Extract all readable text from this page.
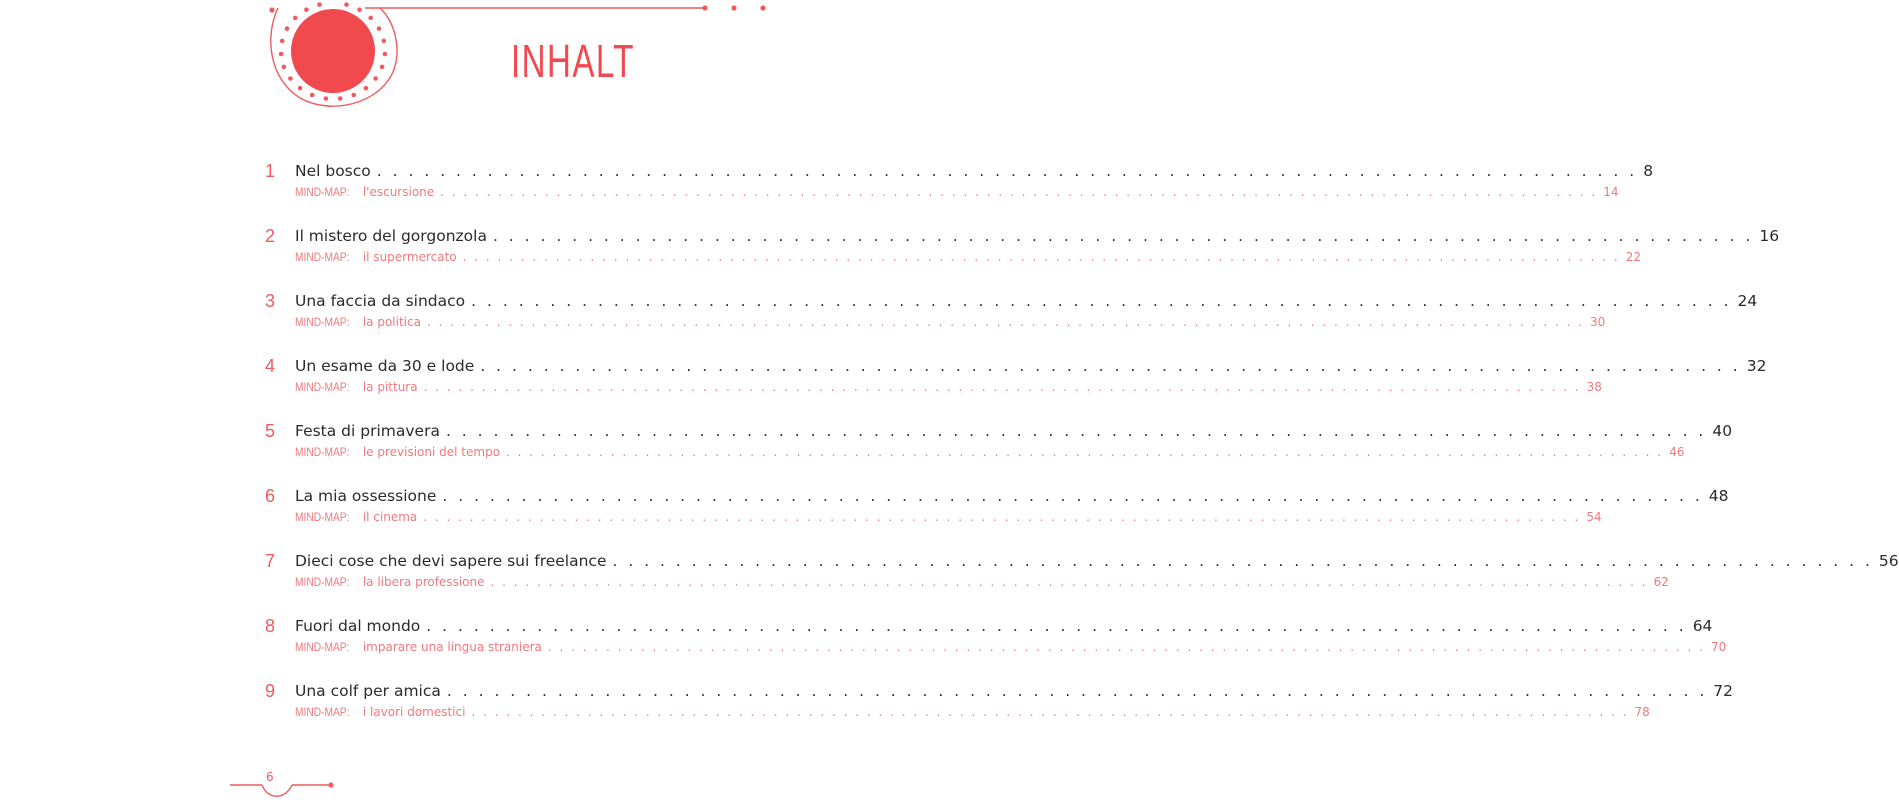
INHALT
1	Nel bosco . . . . . . . . . . . . . . . . . . . . . . . . . . . . . . . . . . . . . . . . . . . . . . . . . . . . . . . . . . . . . . . . . . . . . . . . . . . . . . . . 8
MIND-MAP: l'escursione . . . . . . . . . . . . . . . . . . . . . . . . . . . . . . . . . . . . . . . . . . . . . . . . . . . . . . . . . . . . . . . . . . . . . . . . . . . . . . . . . . . . . . . . . . . . . . . . . . . . 14
2	Il mistero del gorgonzola . . . . . . . . . . . . . . . . . . . . . . . . . . . . . . . . . . . . . . . . . . . . . . . . . . . . . . . . . . . . . . . . . . . . . . . . . . . . . . . . 16
MIND-MAP: il supermercato . . . . . . . . . . . . . . . . . . . . . . . . . . . . . . . . . . . . . . . . . . . . . . . . . . . . . . . . . . . . . . . . . . . . . . . . . . . . . . . . . . . . . . . . . . . . . . . . . . . . 22
3	Una faccia da sindaco . . . . . . . . . . . . . . . . . . . . . . . . . . . . . . . . . . . . . . . . . . . . . . . . . . . . . . . . . . . . . . . . . . . . . . . . . . . . . . . . 24
MIND-MAP: la politica . . . . . . . . . . . . . . . . . . . . . . . . . . . . . . . . . . . . . . . . . . . . . . . . . . . . . . . . . . . . . . . . . . . . . . . . . . . . . . . . . . . . . . . . . . . . . . . . . . . . 30
4	Un esame da 30 e lode . . . . . . . . . . . . . . . . . . . . . . . . . . . . . . . . . . . . . . . . . . . . . . . . . . . . . . . . . . . . . . . . . . . . . . . . . . . . . . . . 32
MIND-MAP: la pittura . . . . . . . . . . . . . . . . . . . . . . . . . . . . . . . . . . . . . . . . . . . . . . . . . . . . . . . . . . . . . . . . . . . . . . . . . . . . . . . . . . . . . . . . . . . . . . . . . . . . 38
5	Festa di primavera . . . . . . . . . . . . . . . . . . . . . . . . . . . . . . . . . . . . . . . . . . . . . . . . . . . . . . . . . . . . . . . . . . . . . . . . . . . . . . . . 40
MIND-MAP: le previsioni del tempo . . . . . . . . . . . . . . . . . . . . . . . . . . . . . . . . . . . . . . . . . . . . . . . . . . . . . . . . . . . . . . . . . . . . . . . . . . . . . . . . . . . . . . . . . . . . . . . . . . . . 46
6	La mia ossessione . . . . . . . . . . . . . . . . . . . . . . . . . . . . . . . . . . . . . . . . . . . . . . . . . . . . . . . . . . . . . . . . . . . . . . . . . . . . . . . . 48
MIND-MAP: il cinema . . . . . . . . . . . . . . . . . . . . . . . . . . . . . . . . . . . . . . . . . . . . . . . . . . . . . . . . . . . . . . . . . . . . . . . . . . . . . . . . . . . . . . . . . . . . . . . . . . . . 54
7	Dieci cose che devi sapere sui freelance . . . . . . . . . . . . . . . . . . . . . . . . . . . . . . . . . . . . . . . . . . . . . . . . . . . . . . . . . . . . . . . . . . . . . . . . . . . . . . . . 56
MIND-MAP: la libera professione . . . . . . . . . . . . . . . . . . . . . . . . . . . . . . . . . . . . . . . . . . . . . . . . . . . . . . . . . . . . . . . . . . . . . . . . . . . . . . . . . . . . . . . . . . . . . . . . . . . . 62
8	Fuori dal mondo . . . . . . . . . . . . . . . . . . . . . . . . . . . . . . . . . . . . . . . . . . . . . . . . . . . . . . . . . . . . . . . . . . . . . . . . . . . . . . . . 64
MIND-MAP: imparare una lingua straniera . . . . . . . . . . . . . . . . . . . . . . . . . . . . . . . . . . . . . . . . . . . . . . . . . . . . . . . . . . . . . . . . . . . . . . . . . . . . . . . . . . . . . . . . . . . . . . . . . . . . 70
9	Una colf per amica . . . . . . . . . . . . . . . . . . . . . . . . . . . . . . . . . . . . . . . . . . . . . . . . . . . . . . . . . . . . . . . . . . . . . . . . . . . . . . . . 72
MIND-MAP: i lavori domestici . . . . . . . . . . . . . . . . . . . . . . . . . . . . . . . . . . . . . . . . . . . . . . . . . . . . . . . . . . . . . . . . . . . . . . . . . . . . . . . . . . . . . . . . . . . . . . . . . . . . 78
6
